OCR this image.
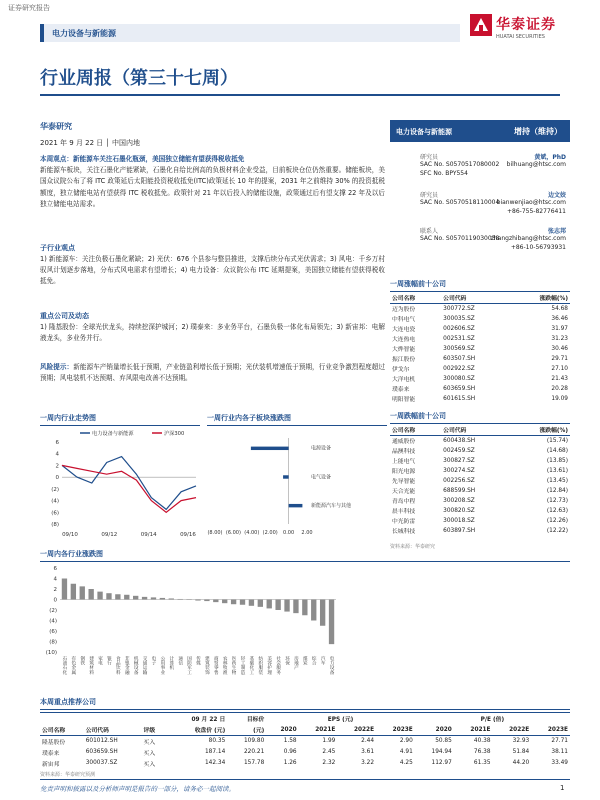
证券研究报告
电力设备与新能源
华泰证券
HUATAI SECURITIES
行业周报（第三十七周）
华泰研究
2021 年 9 月 22 日 │ 中国内地
本周观点：新能源车关注石墨化瓶颈，美国独立储能有望获得税收抵免
新能源车板块，关注石墨化产能紧缺，石墨化自给比例高的负极材料企业受益，目前板块仓位仍然重要。储能板块，美国众议院公布了将 ITC 政策延后太阳能投资税收抵免(ITC)政策延长 10 年的提案，2031 年之前维持 30% 的投资抵税额度，独立储能电站有望获得 ITC 税收抵免。政策针对 21 年以后投入的储能设施，政策通过后有望支撑 22 年及以后独立储能电站需求。
子行业观点
1) 新能源车：关注负极石墨化紧缺；2) 光伏：676 个县参与整县推进，支撑后续分布式光伏需求；3) 风电：千乡万村驭风计划逐步落地，分布式风电需求有望增长；4) 电力设备：众议院公布 ITC 延期提案，美国独立储能有望获得税收抵免。
重点公司及动态
1) 隆基股份：全球光伏龙头，持续挖深护城河；2) 璞泰来：多业务平台，石墨负极一体化布局领先；3) 新宙邦：电解液龙头，多业务并行。
风险提示：新能源车产销量增长低于预期，产业链盈利增长低于预期；光伏装机增速低于预期，行业竞争激烈程度超过预期；风电装机不达预期、弃风限电改善不达预期。
电力设备与新能源	增持（维持）
研究员	黄斌，PhD
SAC No. S0570517080002 bilhuang@htsc.com
SFC No. BPY554
研究员	边文姣
SAC No. S0570518110004
bianwenjiao@htsc.com
+86-755-82776411
联系人	张志邦
SAC No. S0570119030038
zhangzhibang@htsc.com
+86-10-56793931
一周涨幅前十公司
公司名称	公司代码	涨跌幅(%)
迈为股份	300772.SZ	54.68
中科电气	300035.SZ	36.46
大连电瓷	002606.SZ	31.97
大连热电	002531.SZ	31.23
大烨智能	300569.SZ	30.46
振江股份	603507.SH	29.71
伊戈尔	002922.SZ	27.10
大洋电机	300080.SZ	21.43
璞泰来	603659.SH	20.28
明阳智能	601615.SH	19.09
一周跌幅前十公司
公司名称	公司代码	涨跌幅(%)
通威股份	600438.SH	(15.74)
晶澳科技	002459.SZ	(14.68)
上能电气	300827.SZ	(13.85)
阳光电源	300274.SZ	(13.61)
先导智能	002256.SZ	(13.45)
天合光能	688599.SH	(12.84)
青岛中程	300208.SZ	(12.73)
晨丰科技	300820.SZ	(12.63)
中光防雷	300018.SZ	(12.26)
长城科技	603897.SH	(12.22)
资料来源：华泰研究
一周内行业走势图
6
4
2
0
(2)
(4)
(6)
(8)
09/10	09/12	09/14	09/16
电力设备与新能源	沪深300
一周行业内各子板块涨跌图
电源设备
电气设备
新能源汽车与其他
(8.00) (6.00) (4.00) (2.00) 0.00 2.00
一周内各行业涨跌图
6
4
2
0
(2)
(4)
(6)
(8)
(10)
石油石化 有色金属 钢铁 建筑材料 家电 银行 食品饮料 非银金融 机械设备 交通运输 电子 公用事业 计算机 通信 国防军工 传媒 建筑装饰 商贸零售 农林牧渔 医药生物 轻工制造 基础化工 纺织服装 美容护理 社会服务 环保 房地产 煤炭 综合 汽车 电力设备
本周重点推荐公司
			09 月 22 日	目标价	EPS (元)				P/E (倍)			
公司名称	公司代码	评级	收盘价 (元)	(元)	2020	2021E	2022E	2023E	2020	2021E	2022E	2023E
隆基股份	601012.SH	买入	80.35	109.80	1.58	1.99	2.44	2.90	50.85	40.38	32.93	27.71
璞泰来	603659.SH	买入	187.14	220.21	0.96	2.45	3.61	4.91	194.94	76.38	51.84	38.11
新宙邦	300037.SZ	买入	142.34	157.78	1.26	2.32	3.22	4.25	112.97	61.35	44.20	33.49
资料来源：华泰研究预测
免责声明和披露以及分析师声明是报告的一部分，请务必一起阅读。	1
